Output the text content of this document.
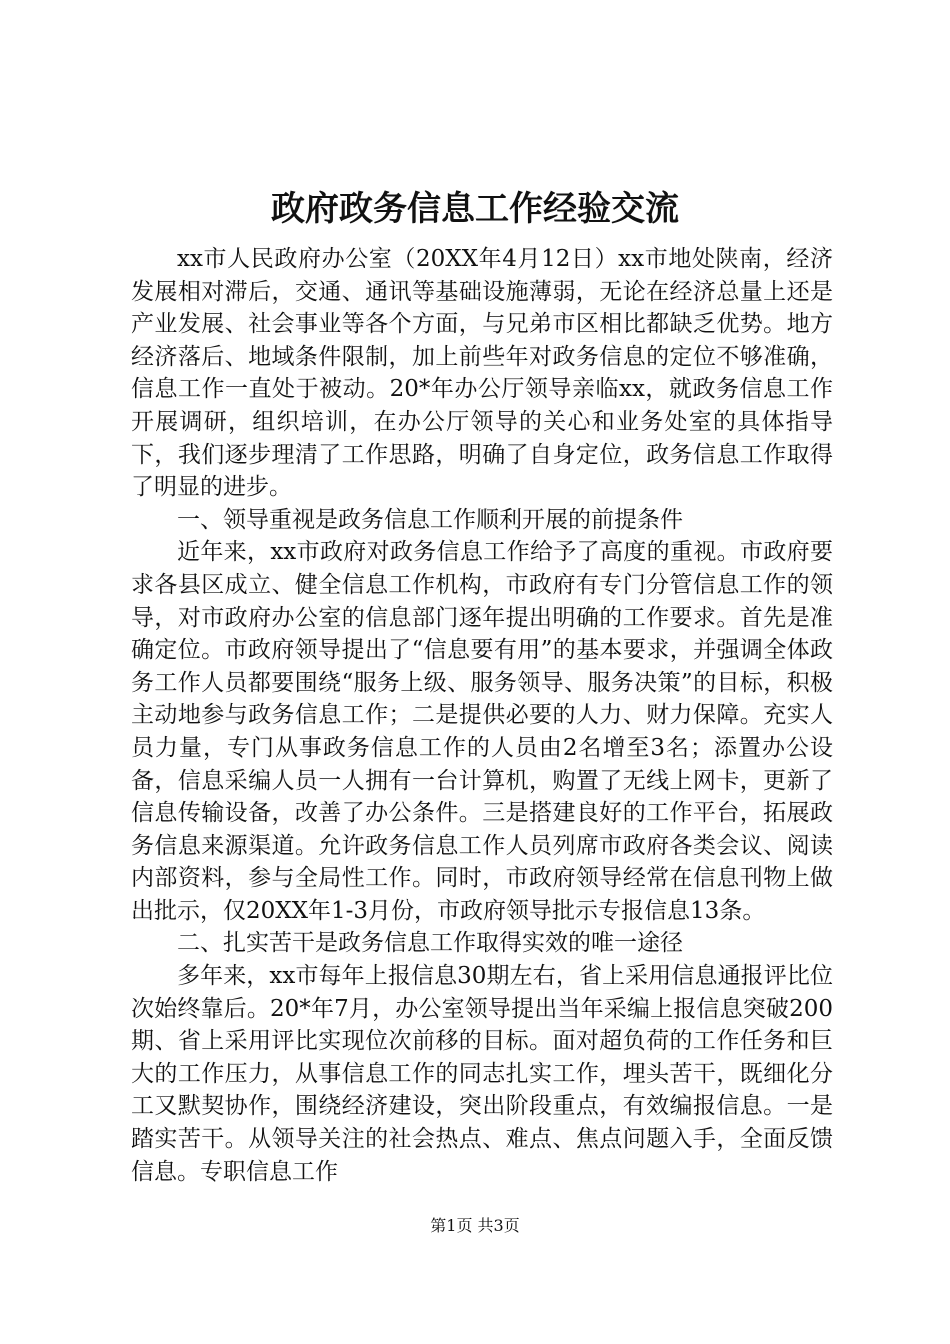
政府政务信息工作经验交流

xx市人民政府办公室（20XX年4月12日）xx市地处陕南，经济发展相对滞后，交通、通讯等基础设施薄弱，无论在经济总量上还是产业发展、社会事业等各个方面，与兄弟市区相比都缺乏优势。地方经济落后、地域条件限制，加上前些年对政务信息的定位不够准确，信息工作一直处于被动。20*年办公厅领导亲临xx，就政务信息工作开展调研，组织培训，在办公厅领导的关心和业务处室的具体指导下，我们逐步理清了工作思路，明确了自身定位，政务信息工作取得了明显的进步。

一、领导重视是政务信息工作顺利开展的前提条件

近年来，xx市政府对政务信息工作给予了高度的重视。市政府要求各县区成立、健全信息工作机构，市政府有专门分管信息工作的领导，对市政府办公室的信息部门逐年提出明确的工作要求。首先是准确定位。市政府领导提出了“信息要有用”的基本要求，并强调全体政务工作人员都要围绕“服务上级、服务领导、服务决策”的目标，积极主动地参与政务信息工作；二是提供必要的人力、财力保障。充实人员力量，专门从事政务信息工作的人员由2名增至3名；添置办公设备，信息采编人员一人拥有一台计算机，购置了无线上网卡，更新了信息传输设备，改善了办公条件。三是搭建良好的工作平台，拓展政务信息来源渠道。允许政务信息工作人员列席市政府各类会议、阅读内部资料，参与全局性工作。同时，市政府领导经常在信息刊物上做出批示，仅20XX年1-3月份，市政府领导批示专报信息13条。

二、扎实苦干是政务信息工作取得实效的唯一途径

多年来，xx市每年上报信息30期左右，省上采用信息通报评比位次始终靠后。20*年7月，办公室领导提出当年采编上报信息突破200期、省上采用评比实现位次前移的目标。面对超负荷的工作任务和巨大的工作压力，从事信息工作的同志扎实工作，埋头苦干，既细化分工又默契协作，围绕经济建设，突出阶段重点，有效编报信息。一是踏实苦干。从领导关注的社会热点、难点、焦点问题入手，全面反馈信息。专职信息工作

第1页 共3页
